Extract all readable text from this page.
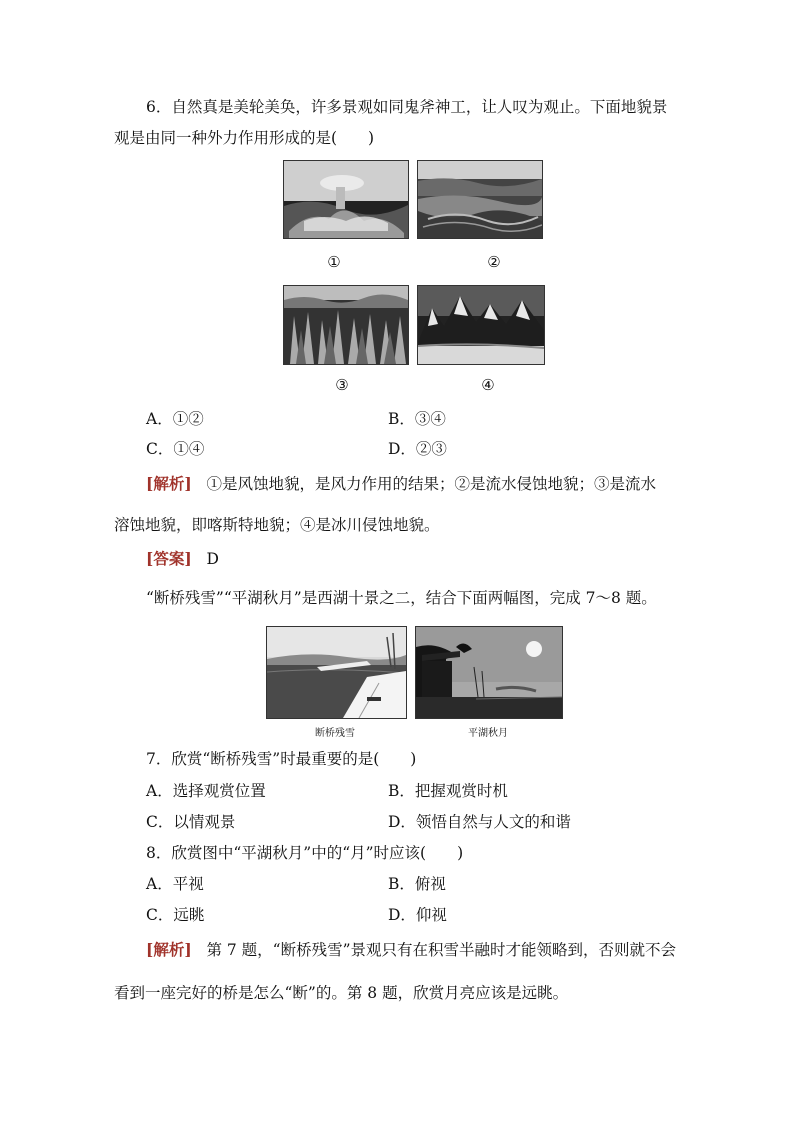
6．自然真是美轮美奂，许多景观如同鬼斧神工，让人叹为观止。下面地貌景
观是由同一种外力作用形成的是(　　)
①	②
③	④
A．①②	B．③④
C．①④	D．②③
[解析] ①是风蚀地貌，是风力作用的结果；②是流水侵蚀地貌；③是流水
溶蚀地貌，即喀斯特地貌；④是冰川侵蚀地貌。
[答案] D
“断桥残雪”“平湖秋月”是西湖十景之二，结合下面两幅图，完成 7～8 题。
断桥残雪	平湖秋月
7．欣赏“断桥残雪”时最重要的是(　　)
A．选择观赏位置	B．把握观赏时机
C．以情观景	D．领悟自然与人文的和谐
8．欣赏图中“平湖秋月”中的“月”时应该(　　)
A．平视	B．俯视
C．远眺	D．仰视
[解析] 第 7 题，“断桥残雪”景观只有在积雪半融时才能领略到，否则就不会
看到一座完好的桥是怎么“断”的。第 8 题，欣赏月亮应该是远眺。
